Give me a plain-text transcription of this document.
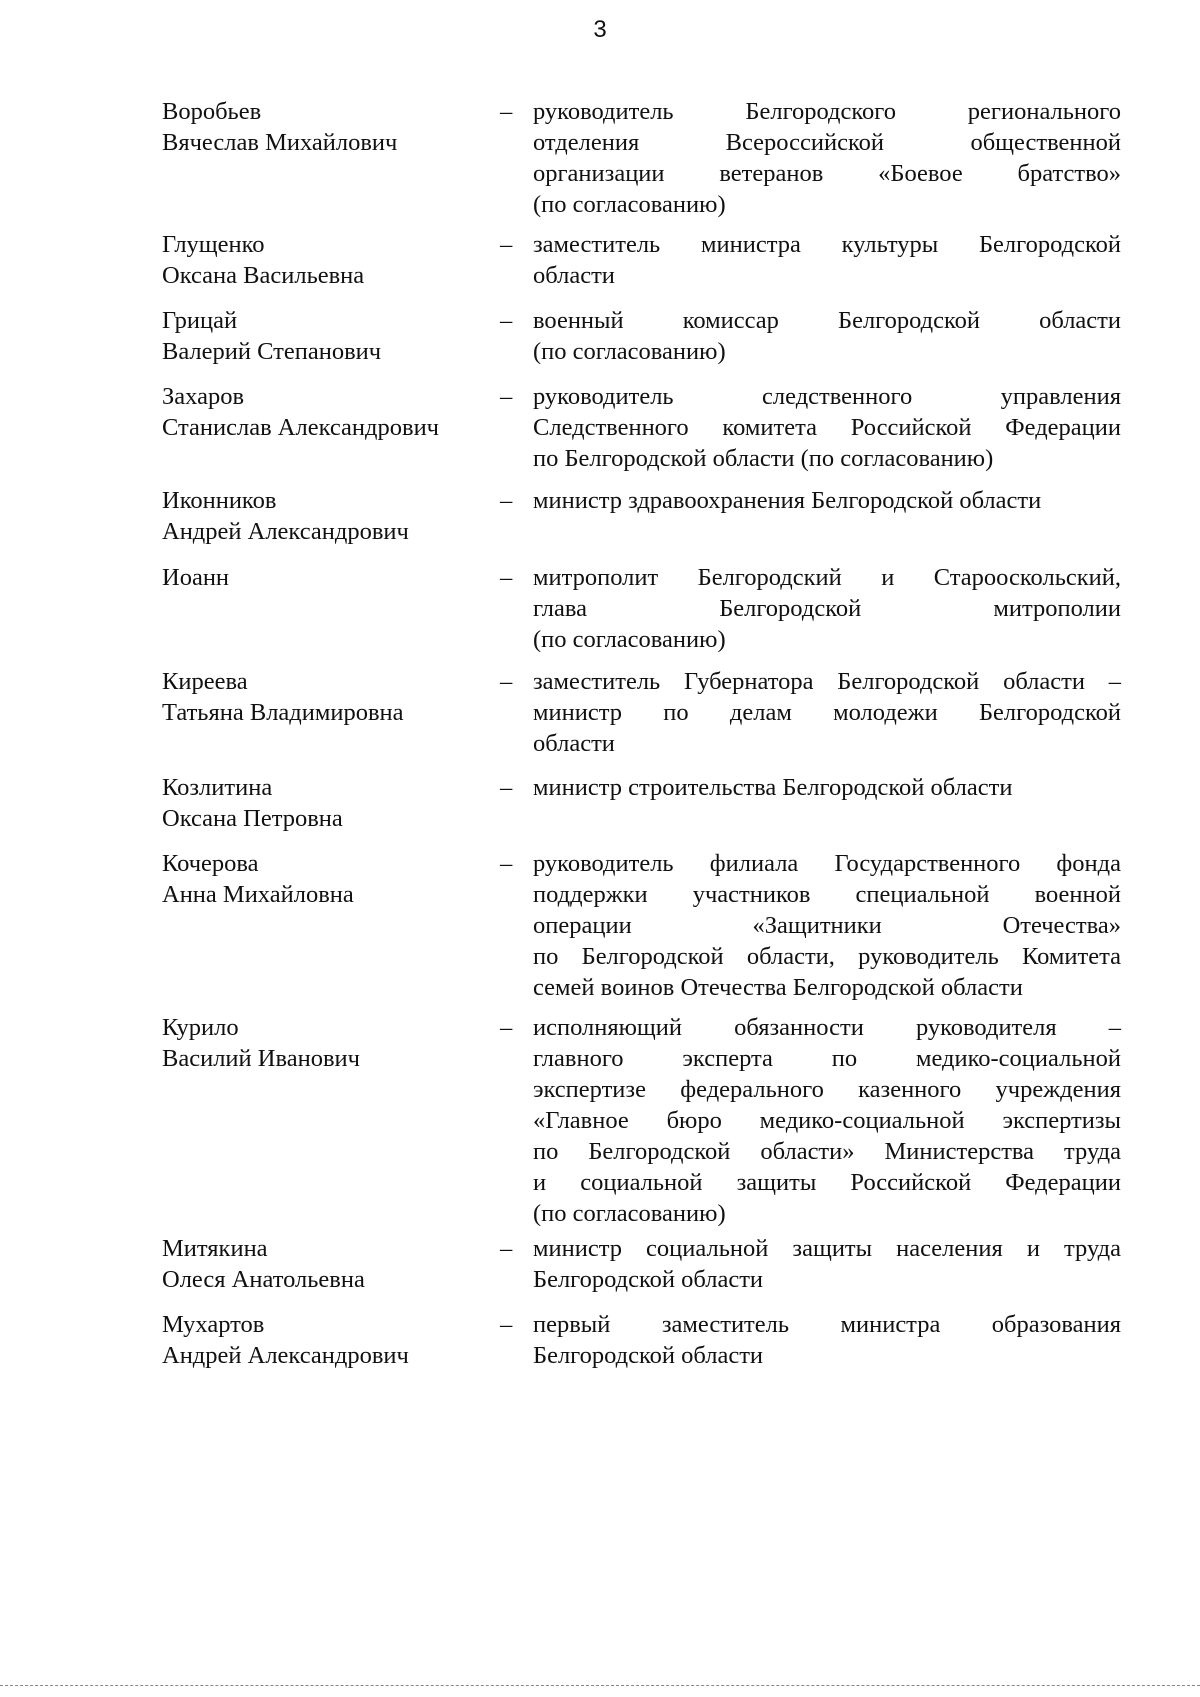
3
Воробьев
Вячеслав Михайлович
– руководитель Белгородского регионального
отделения Всероссийской общественной
организации ветеранов «Боевое братство»
(по согласованию)
Глущенко
Оксана Васильевна
– заместитель министра культуры Белгородской
области
Грицай
Валерий Степанович
– военный комиссар Белгородской области
(по согласованию)
Захаров
Станислав Александрович
– руководитель следственного управления
Следственного комитета Российской Федерации
по Белгородской области (по согласованию)
Иконников
Андрей Александрович
– министр здравоохранения Белгородской области
Иоанн	– митрополит Белгородский и Старооскольский,
глава Белгородской митрополии
(по согласованию)
Киреева
Татьяна Владимировна
– заместитель Губернатора Белгородской области –
министр по делам молодежи Белгородской
области
Козлитина
Оксана Петровна
– министр строительства Белгородской области
Кочерова
Анна Михайловна
– руководитель филиала Государственного фонда
поддержки участников специальной военной
операции «Защитники Отечества»
по Белгородской области, руководитель Комитета
семей воинов Отечества Белгородской области
Курило
Василий Иванович
– исполняющий обязанности руководителя –
главного эксперта по медико-социальной
экспертизе федерального казенного учреждения
«Главное бюро медико-социальной экспертизы
по Белгородской области» Министерства труда
и социальной защиты Российской Федерации
(по согласованию)
Митякина
Олеся Анатольевна
– министр социальной защиты населения и труда
Белгородской области
Мухартов
Андрей Александрович
– первый заместитель министра образования
Белгородской области
